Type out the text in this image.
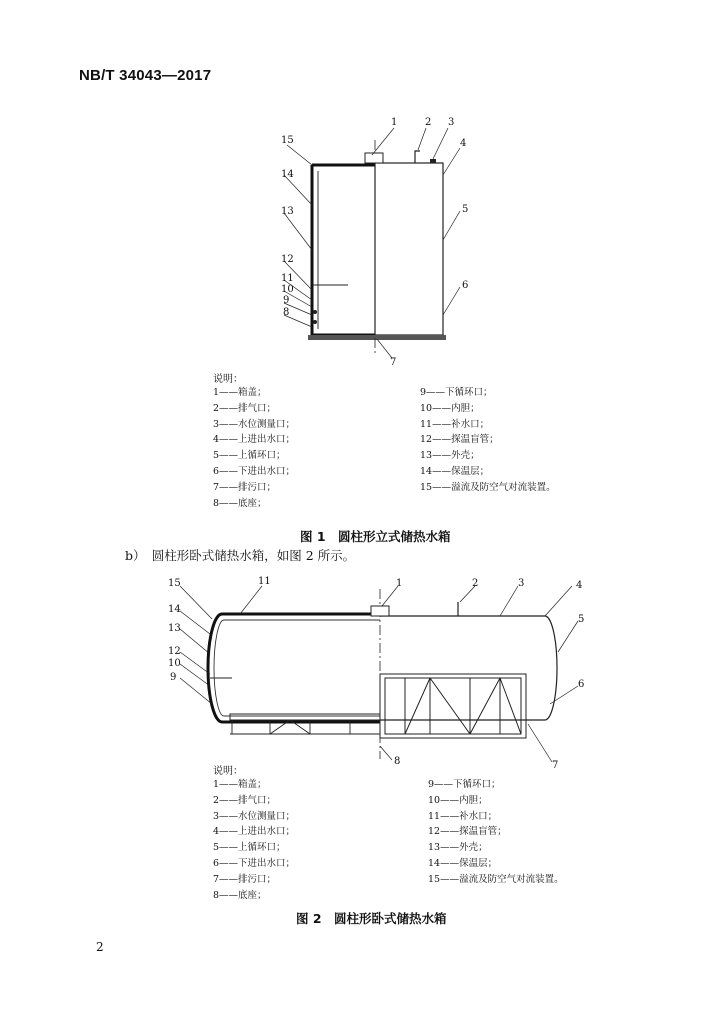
NB/T 34043—2017
1	2 3
4
5
6
7
8
9
10
11
12
13
14
15
说明：
1——箱盖；
2——排气口；
3——水位测量口；
4——上进出水口；
5——上循环口；
6——下进出水口；
7——排污口；
8——底座；
9——下循环口；
10——内胆；
11——补水口；
12——探温盲管；
13——外壳；
14——保温层；
15——溢流及防空气对流装置。
图 1　圆柱形立式储热水箱
b）　圆柱形卧式储热水箱，如图 2 所示。
1	2	3	4
5
6
7
8
9
10
11
12
13
14
15
说明：
1——箱盖；
2——排气口；
3——水位测量口；
4——上进出水口；
5——上循环口；
6——下进出水口；
7——排污口；
8——底座；
9——下循环口；
10——内胆；
11——补水口；
12——探温盲管；
13——外壳；
14——保温层；
15——溢流及防空气对流装置。
图 2　圆柱形卧式储热水箱
2
